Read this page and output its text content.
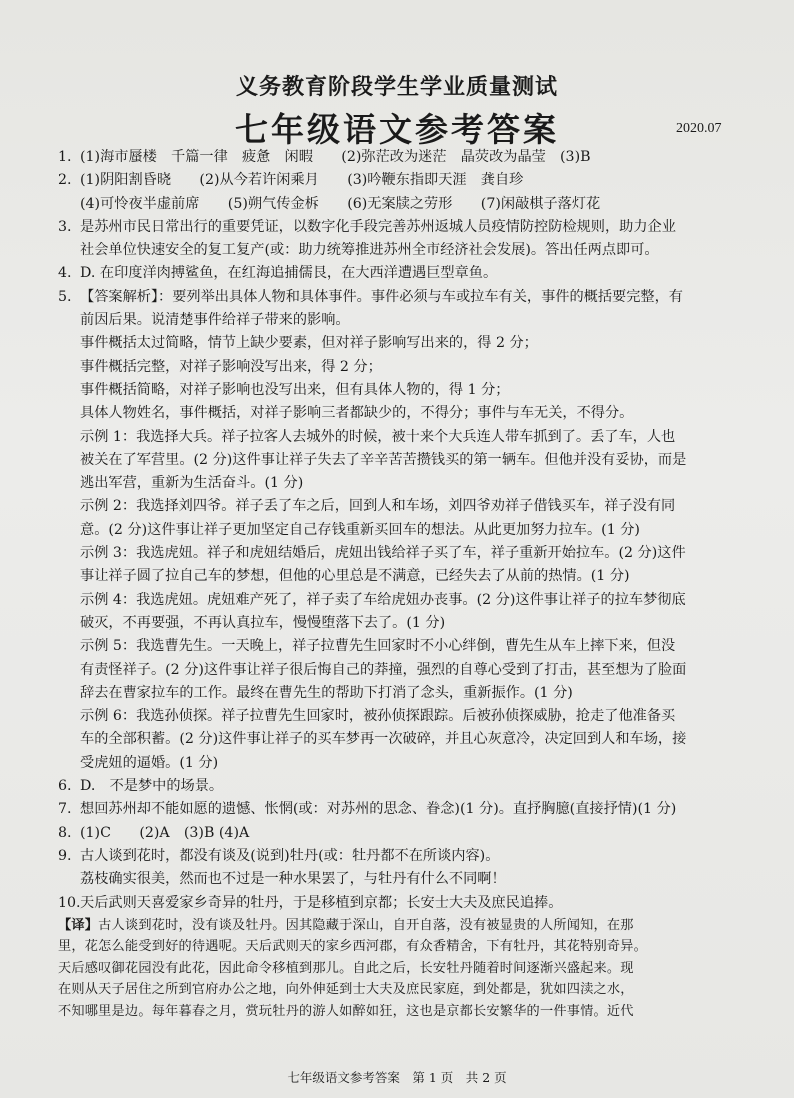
义务教育阶段学生学业质量测试
七年级语文参考答案	2020.07
1. (1)海市蜃楼　千篇一律　疲惫　闲暇　　(2)弥茫改为迷茫　晶荧改为晶莹　(3)B
2. (1)阴阳割昏晓　　(2)从今若许闲乘月　　(3)吟鞭东指即天涯　龚自珍
(4)可怜夜半虚前席　　(5)朔气传金柝　　(6)无案牍之劳形　　(7)闲敲棋子落灯花
3. 是苏州市民日常出行的重要凭证，以数字化手段完善苏州返城人员疫情防控防检规则，助力企业
社会单位快速安全的复工复产(或：助力统筹推进苏州全市经济社会发展)。答出任两点即可。
4. D. 在印度洋肉搏鲨鱼，在红海追捕儒艮，在大西洋遭遇巨型章鱼。
5. 【答案解析】：要列举出具体人物和具体事件。事件必须与车或拉车有关，事件的概括要完整，有
前因后果。说清楚事件给祥子带来的影响。
事件概括太过简略，情节上缺少要素，但对祥子影响写出来的，得 2 分；
事件概括完整，对祥子影响没写出来，得 2 分；
事件概括简略，对祥子影响也没写出来，但有具体人物的，得 1 分；
具体人物姓名，事件概括，对祥子影响三者都缺少的，不得分；事件与车无关，不得分。
示例 1：我选择大兵。祥子拉客人去城外的时候，被十来个大兵连人带车抓到了。丢了车，人也
被关在了军营里。(2 分)这件事让祥子失去了辛辛苦苦攒钱买的第一辆车。但他并没有妥协，而是
逃出军营，重新为生活奋斗。(1 分)
示例 2：我选择刘四爷。祥子丢了车之后，回到人和车场，刘四爷劝祥子借钱买车，祥子没有同
意。(2 分)这件事让祥子更加坚定自己存钱重新买回车的想法。从此更加努力拉车。(1 分)
示例 3：我选虎妞。祥子和虎妞结婚后，虎妞出钱给祥子买了车，祥子重新开始拉车。(2 分)这件
事让祥子圆了拉自己车的梦想，但他的心里总是不满意，已经失去了从前的热情。(1 分)
示例 4：我选虎妞。虎妞难产死了，祥子卖了车给虎妞办丧事。(2 分)这件事让祥子的拉车梦彻底
破灭，不再要强，不再认真拉车，慢慢堕落下去了。(1 分)
示例 5：我选曹先生。一天晚上，祥子拉曹先生回家时不小心绊倒，曹先生从车上摔下来，但没
有责怪祥子。(2 分)这件事让祥子很后悔自己的莽撞，强烈的自尊心受到了打击，甚至想为了脸面
辞去在曹家拉车的工作。最终在曹先生的帮助下打消了念头，重新振作。(1 分)
示例 6：我选孙侦探。祥子拉曹先生回家时，被孙侦探跟踪。后被孙侦探威胁，抢走了他准备买
车的全部积蓄。(2 分)这件事让祥子的买车梦再一次破碎，并且心灰意冷，决定回到人和车场，接
受虎妞的逼婚。(1 分)
6. D.　不是梦中的场景。
7. 想回苏州却不能如愿的遗憾、怅惘(或：对苏州的思念、眷念)(1 分)。直抒胸臆(直接抒情)(1 分)
8. (1)C　　(2)A　(3)B (4)A
9. 古人谈到花时，都没有谈及(说到)牡丹(或：牡丹都不在所谈内容)。
荔枝确实很美，然而也不过是一种水果罢了，与牡丹有什么不同啊！
10. 天后武则天喜爱家乡奇异的牡丹，于是移植到京都；长安士大夫及庶民追捧。
【译】古人谈到花时，没有谈及牡丹。因其隐藏于深山，自开自落，没有被显贵的人所闻知，在那
里，花怎么能受到好的待遇呢。天后武则天的家乡西河郡，有众香精舍，下有牡丹，其花特别奇异。
天后感叹御花园没有此花，因此命令移植到那儿。自此之后，长安牡丹随着时间逐渐兴盛起来。现
在则从天子居住之所到官府办公之地，向外伸延到士大夫及庶民家庭，到处都是，犹如四渎之水，
不知哪里是边。每年暮春之月，赏玩牡丹的游人如醉如狂，这也是京都长安繁华的一件事情。近代
七年级语文参考答案　第 1 页　共 2 页
